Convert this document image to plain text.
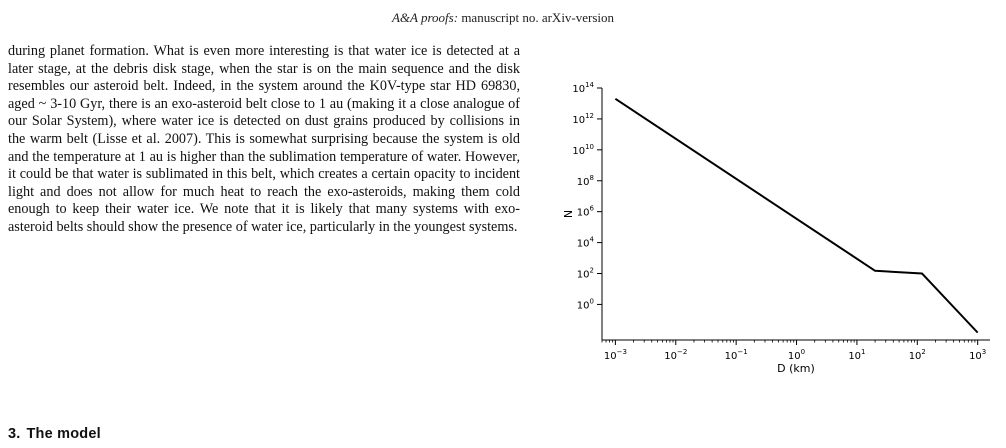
A&A proofs: manuscript no. arXiv-version
during planet formation. What is even more interesting is that water ice is detected at a later stage, at the debris disk stage, when the star is on the main sequence and the disk resembles our asteroid belt. Indeed, in the system around the K0V-type star HD 69830, aged ~ 3-10 Gyr, there is an exo-asteroid belt close to 1 au (making it a close analogue of our Solar System), where water ice is detected on dust grains produced by collisions in the warm belt (Lisse et al. 2007). This is somewhat surprising because the system is old and the temperature at 1 au is higher than the sublimation temperature of water. However, it could be that water is sublimated in this belt, which creates a certain opacity to incident light and does not allow for much heat to reach the exo-asteroids, making them cold enough to keep their water ice. We note that it is likely that many systems with exo-asteroid belts should show the presence of water ice, particularly in the youngest systems.
3. The model
$10^{-3}$	$10^{-2}$	$10^{-1}$	$10^0$	$10^1$	$10^2$	$10^3$
$10^0$
$10^2$
$10^4$
$10^6$
$10^8$
$10^{10}$
$10^{12}$
$10^{14}$
D (km)
N
